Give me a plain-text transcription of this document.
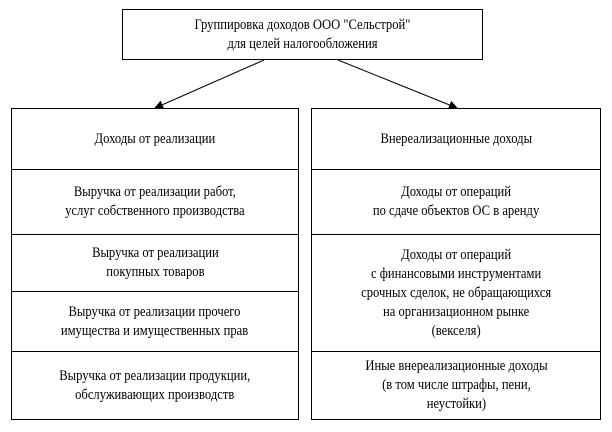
Группировка доходов ООО "Сельстрой"
для целей налогообложения
Доходы от реализации
Выручка от реализации работ,
услуг собственного производства
Выручка от реализации
покупных товаров
Выручка от реализации прочего
имущества и имущественных прав
Выручка от реализации продукции,
обслуживающих производств
Внереализационные доходы
Доходы от операций
по сдаче объектов ОС в аренду
Доходы от операций
с финансовыми инструментами
срочных сделок, не обращающихся
на организационном рынке
(векселя)
Иные внереализационные доходы
(в том числе штрафы, пени,
неустойки)
